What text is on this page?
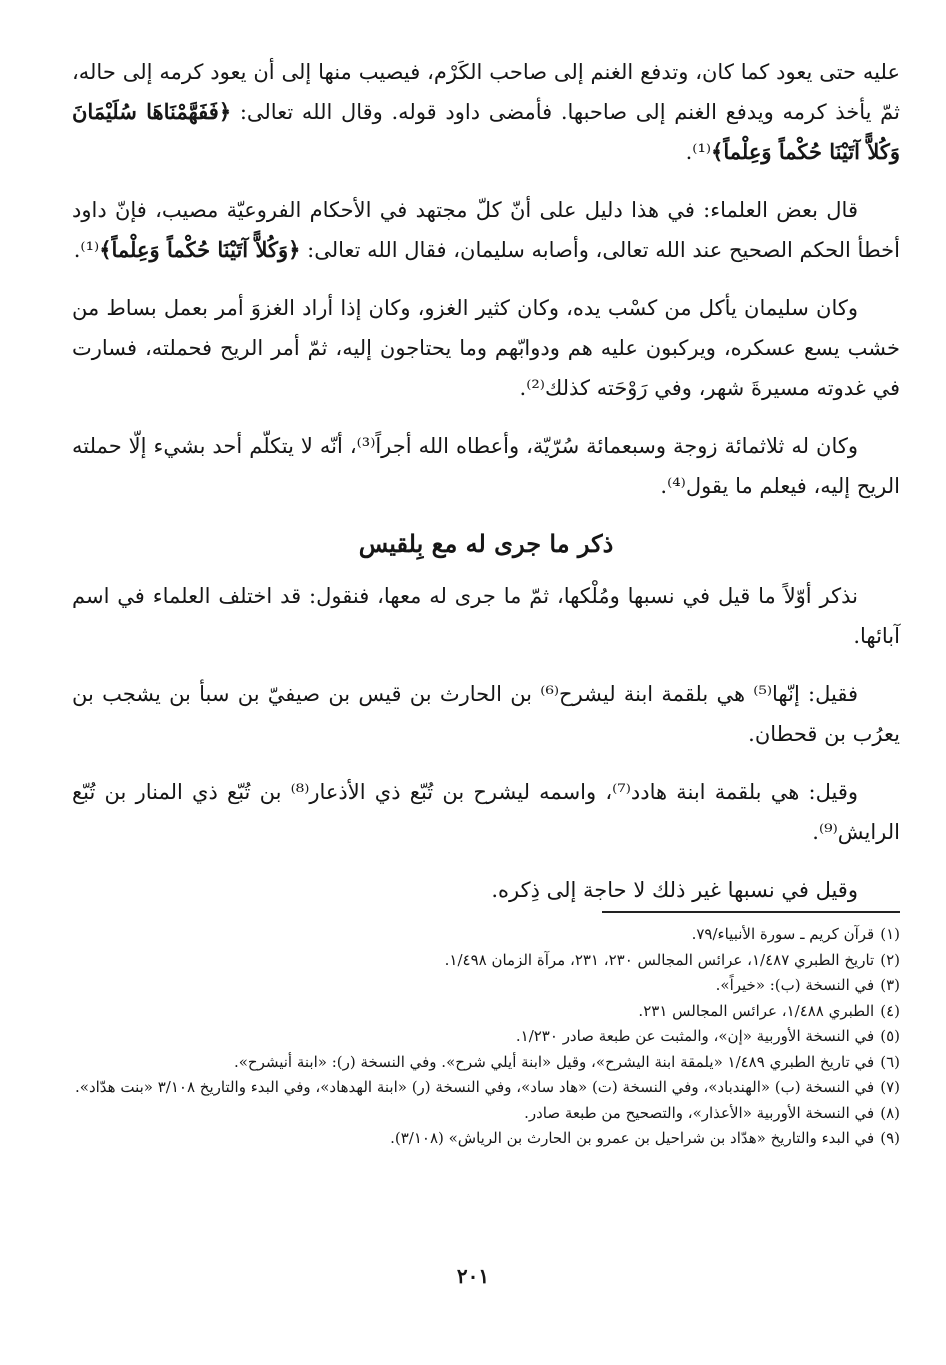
عليه حتى يعود كما كان، وتدفع الغنم إلى صاحب الكَرْم، فيصيب منها إلى أن يعود كرمه إلى حاله، ثمّ يأخذ كرمه ويدفع الغنم إلى صاحبها. فأمضى داود قوله. وقال الله تعالى: ﴿فَفَهَّمْنَاهَا سُلَيْمَانَ وَكُلاًّ آتَيْنَا حُكْماً وَعِلْماً﴾⁽¹⁾.

قال بعض العلماء: في هذا دليل على أنّ كلّ مجتهد في الأحكام الفروعيّة مصيب، فإنّ داود أخطأ الحكم الصحيح عند الله تعالى، وأصابه سليمان، فقال الله تعالى: ﴿وَكُلاًّ آتَيْنَا حُكْماً وَعِلْماً﴾⁽¹⁾.

وكان سليمان يأكل من كسْب يده، وكان كثير الغزو، وكان إذا أراد الغزوَ أمر بعمل بساط من خشب يسع عسكره، ويركبون عليه هم ودوابّهم وما يحتاجون إليه، ثمّ أمر الريح فحملته، فسارت في غدوته مسيرةَ شهر، وفي رَوْحَته كذلك⁽²⁾.

وكان له ثلاثمائة زوجة وسبعمائة سُرّيّة، وأعطاه الله أجراً⁽³⁾، أنّه لا يتكلّم أحد بشيء إلّا حملته الريح إليه، فيعلم ما يقول⁽⁴⁾.

ذكر ما جرى له مع بِلقيس

نذكر أوّلاً ما قيل في نسبها ومُلْكها، ثمّ ما جرى له معها، فنقول: قد اختلف العلماء في اسم آبائها.

فقيل: إنّها⁽⁵⁾ هي بلقمة ابنة ليشرح⁽⁶⁾ بن الحارث بن قيس بن صيفيّ بن سبأ بن يشجب بن يعرُب بن قحطان.

وقيل: هي بلقمة ابنة هادد⁽⁷⁾، واسمه ليشرح بن تُبّع ذي الأذعار⁽⁸⁾ بن تُبّع ذي المنار بن تُبّع الرايش⁽⁹⁾.

وقيل في نسبها غير ذلك لا حاجة إلى ذِكره.

(١)قرآن كريم ـ سورة الأنبياء/٧٩.
(٢)تاريخ الطبري ١/٤٨٧، عرائس المجالس ٢٣٠، ٢٣١، مرآة الزمان ١/٤٩٨.
(٣)في النسخة (ب): «خيراً».
(٤)الطبري ١/٤٨٨، عرائس المجالس ٢٣١.
(٥)في النسخة الأوربية «إن»، والمثبت عن طبعة صادر ١/٢٣٠.
(٦)في تاريخ الطبري ١/٤٨٩ «يلمقة ابنة اليشرح»، وقيل «ابنة أيلي شرح». وفي النسخة (ر): «ابنة أنيشرح».
(٧)في النسخة (ب) «الهندباد»، وفي النسخة (ت) «هاد ساد»، وفي النسخة (ر) «ابنة الهدهاد»، وفي البدء والتاريخ ٣/١٠٨ «بنت هدّاد».
(٨)في النسخة الأوربية «الأعذار»، والتصحيح من طبعة صادر.
(٩)في البدء والتاريخ «هدّاد بن شراحيل بن عمرو بن الحارث بن الرياش» (٣/١٠٨).
٢٠١
